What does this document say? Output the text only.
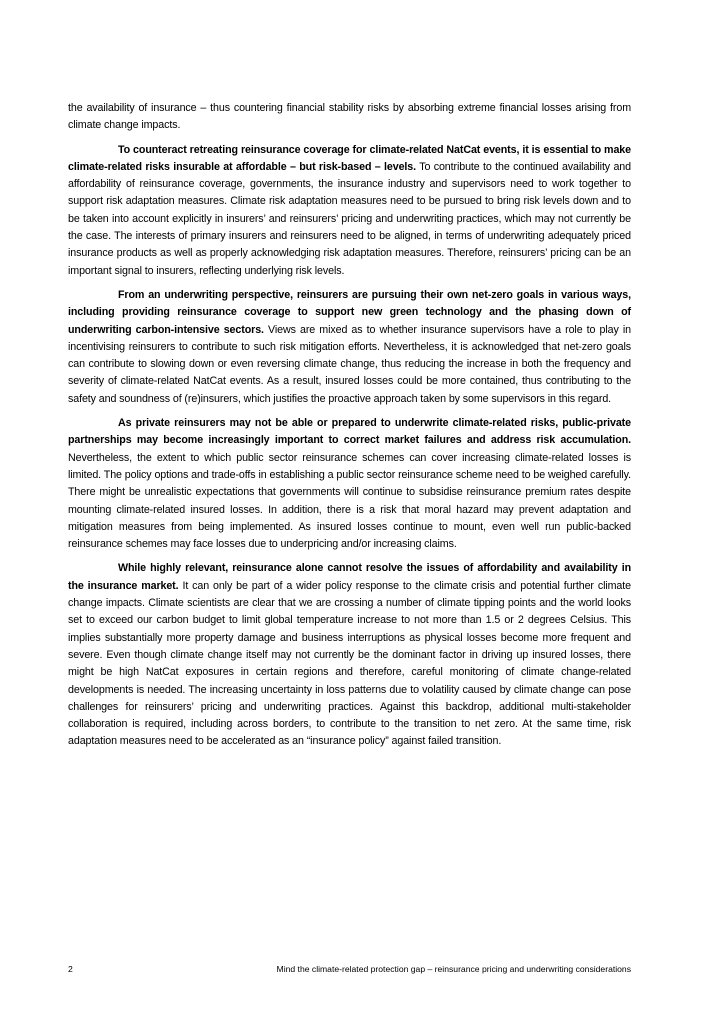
the availability of insurance – thus countering financial stability risks by absorbing extreme financial losses arising from climate change impacts.

To counteract retreating reinsurance coverage for climate-related NatCat events, it is essential to make climate-related risks insurable at affordable – but risk-based – levels. To contribute to the continued availability and affordability of reinsurance coverage, governments, the insurance industry and supervisors need to work together to support risk adaptation measures. Climate risk adaptation measures need to be pursued to bring risk levels down and to be taken into account explicitly in insurers’ and reinsurers’ pricing and underwriting practices, which may not currently be the case. The interests of primary insurers and reinsurers need to be aligned, in terms of underwriting adequately priced insurance products as well as properly acknowledging risk adaptation measures. Therefore, reinsurers’ pricing can be an important signal to insurers, reflecting underlying risk levels.

From an underwriting perspective, reinsurers are pursuing their own net-zero goals in various ways, including providing reinsurance coverage to support new green technology and the phasing down of underwriting carbon-intensive sectors. Views are mixed as to whether insurance supervisors have a role to play in incentivising reinsurers to contribute to such risk mitigation efforts. Nevertheless, it is acknowledged that net-zero goals can contribute to slowing down or even reversing climate change, thus reducing the increase in both the frequency and severity of climate-related NatCat events. As a result, insured losses could be more contained, thus contributing to the safety and soundness of (re)insurers, which justifies the proactive approach taken by some supervisors in this regard.

As private reinsurers may not be able or prepared to underwrite climate-related risks, public-private partnerships may become increasingly important to correct market failures and address risk accumulation. Nevertheless, the extent to which public sector reinsurance schemes can cover increasing climate-related losses is limited. The policy options and trade-offs in establishing a public sector reinsurance scheme need to be weighed carefully. There might be unrealistic expectations that governments will continue to subsidise reinsurance premium rates despite mounting climate-related insured losses. In addition, there is a risk that moral hazard may prevent adaptation and mitigation measures from being implemented. As insured losses continue to mount, even well run public-backed reinsurance schemes may face losses due to underpricing and/or increasing claims.

While highly relevant, reinsurance alone cannot resolve the issues of affordability and availability in the insurance market. It can only be part of a wider policy response to the climate crisis and potential further climate change impacts. Climate scientists are clear that we are crossing a number of climate tipping points and the world looks set to exceed our carbon budget to limit global temperature increase to not more than 1.5 or 2 degrees Celsius. This implies substantially more property damage and business interruptions as physical losses become more frequent and severe. Even though climate change itself may not currently be the dominant factor in driving up insured losses, there might be high NatCat exposures in certain regions and therefore, careful monitoring of climate change-related developments is needed. The increasing uncertainty in loss patterns due to volatility caused by climate change can pose challenges for reinsurers’ pricing and underwriting practices. Against this backdrop, additional multi-stakeholder collaboration is required, including across borders, to contribute to the transition to net zero. At the same time, risk adaptation measures need to be accelerated as an “insurance policy” against failed transition.

2	Mind the climate-related protection gap – reinsurance pricing and underwriting considerations
